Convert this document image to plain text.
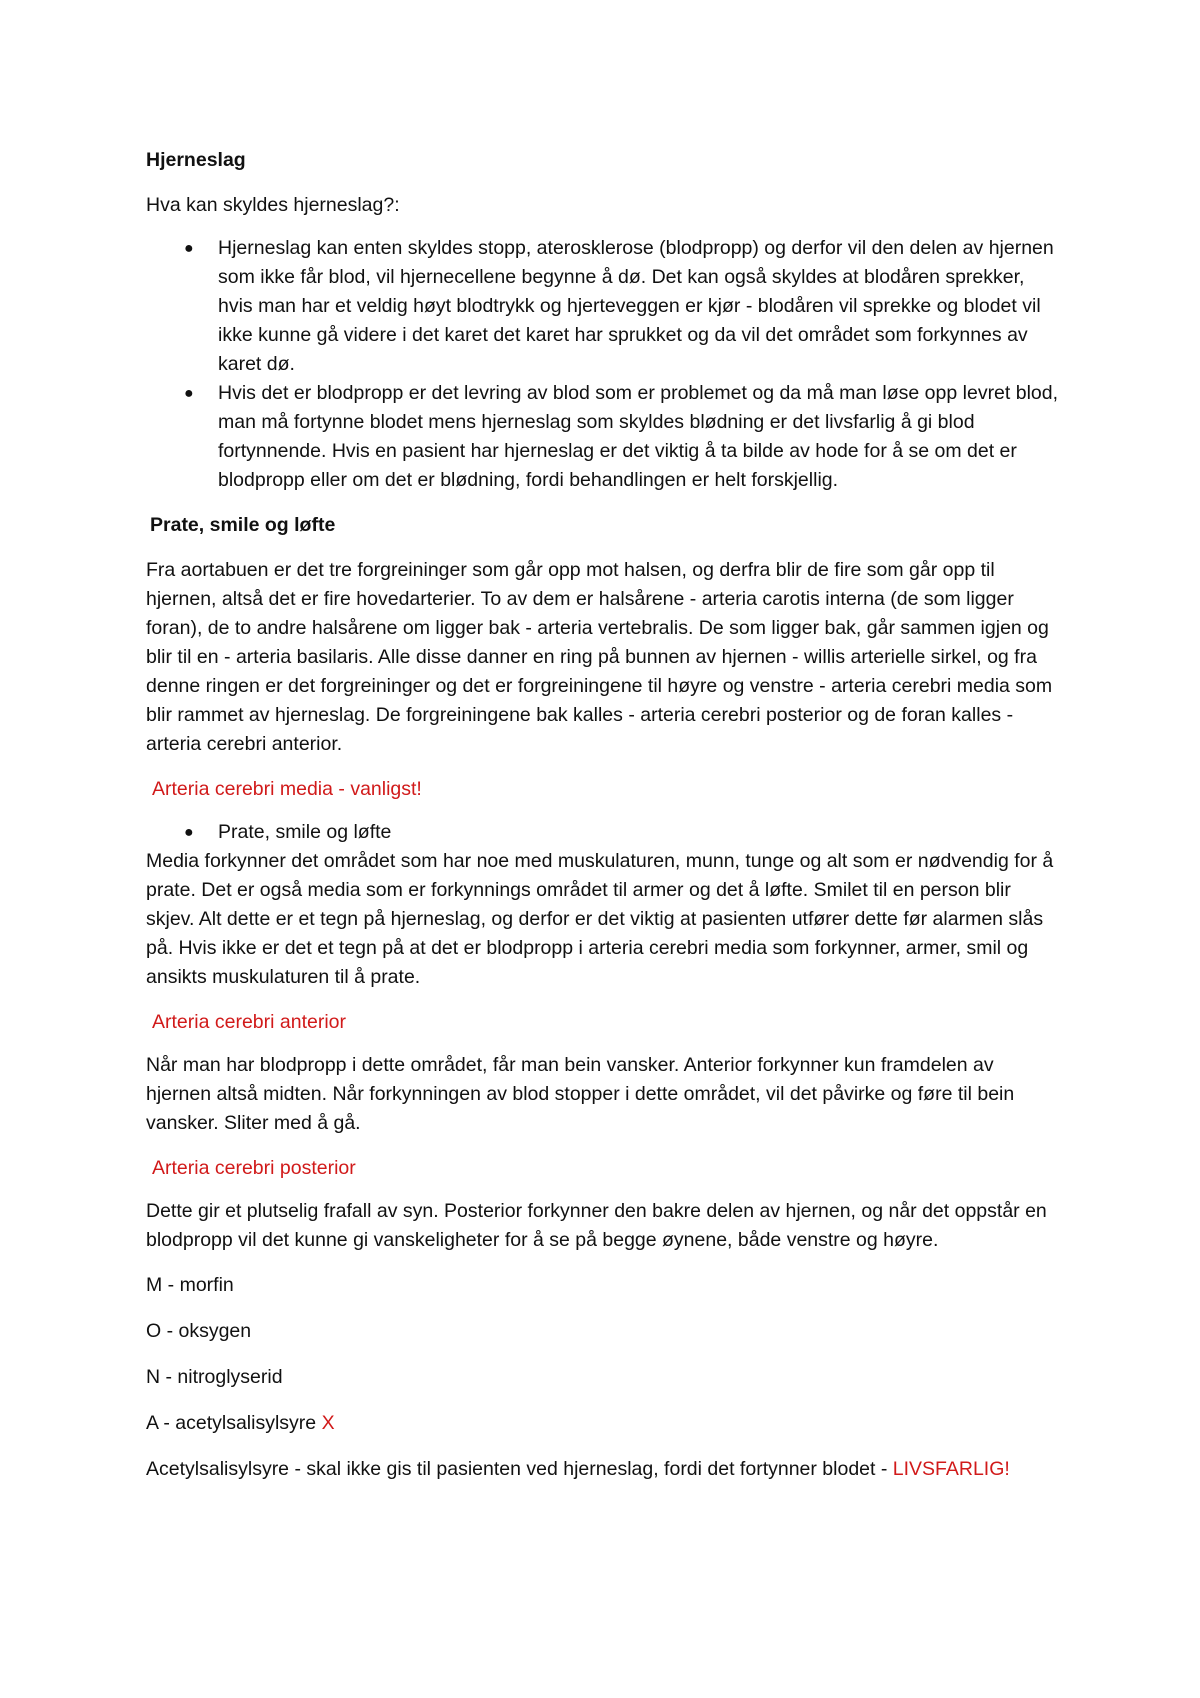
Hjerneslag

Hva kan skyldes hjerneslag?:

● Hjerneslag kan enten skyldes stopp, aterosklerose (blodpropp) og derfor vil den delen av hjernen som ikke får blod, vil hjernecellene begynne å dø. Det kan også skyldes at blodåren sprekker, hvis man har et veldig høyt blodtrykk og hjerteveggen er kjør - blodåren vil sprekke og blodet vil ikke kunne gå videre i det karet det karet har sprukket og da vil det området som forkynnes av karet dø.
● Hvis det er blodpropp er det levring av blod som er problemet og da må man løse opp levret blod, man må fortynne blodet mens hjerneslag som skyldes blødning er det livsfarlig å gi blod fortynnende. Hvis en pasient har hjerneslag er det viktig å ta bilde av hode for å se om det er blodpropp eller om det er blødning, fordi behandlingen er helt forskjellig.

Prate, smile og løfte

Fra aortabuen er det tre forgreininger som går opp mot halsen, og derfra blir de fire som går opp til hjernen, altså det er fire hovedarterier. To av dem er halsårene - arteria carotis interna (de som ligger foran), de to andre halsårene om ligger bak - arteria vertebralis. De som ligger bak, går sammen igjen og blir til en - arteria basilaris. Alle disse danner en ring på bunnen av hjernen - willis arterielle sirkel, og fra denne ringen er det forgreininger og det er forgreiningene til høyre og venstre - arteria cerebri media som blir rammet av hjerneslag. De forgreiningene bak kalles - arteria cerebri posterior og de foran kalles - arteria cerebri anterior.

Arteria cerebri media - vanligst!

● Prate, smile og løfte

Media forkynner det området som har noe med muskulaturen, munn, tunge og alt som er nødvendig for å prate. Det er også media som er forkynnings området til armer og det å løfte. Smilet til en person blir skjev. Alt dette er et tegn på hjerneslag, og derfor er det viktig at pasienten utfører dette før alarmen slås på. Hvis ikke er det et tegn på at det er blodpropp i arteria cerebri media som forkynner, armer, smil og ansikts muskulaturen til å prate.

Arteria cerebri anterior

Når man har blodpropp i dette området, får man bein vansker. Anterior forkynner kun framdelen av hjernen altså midten. Når forkynningen av blod stopper i dette området, vil det påvirke og føre til bein vansker. Sliter med å gå.

Arteria cerebri posterior

Dette gir et plutselig frafall av syn. Posterior forkynner den bakre delen av hjernen, og når det oppstår en blodpropp vil det kunne gi vanskeligheter for å se på begge øynene, både venstre og høyre.

M - morfin

O - oksygen

N - nitroglyserid

A - acetylsalisylsyre X

Acetylsalisylsyre - skal ikke gis til pasienten ved hjerneslag, fordi det fortynner blodet - LIVSFARLIG!
